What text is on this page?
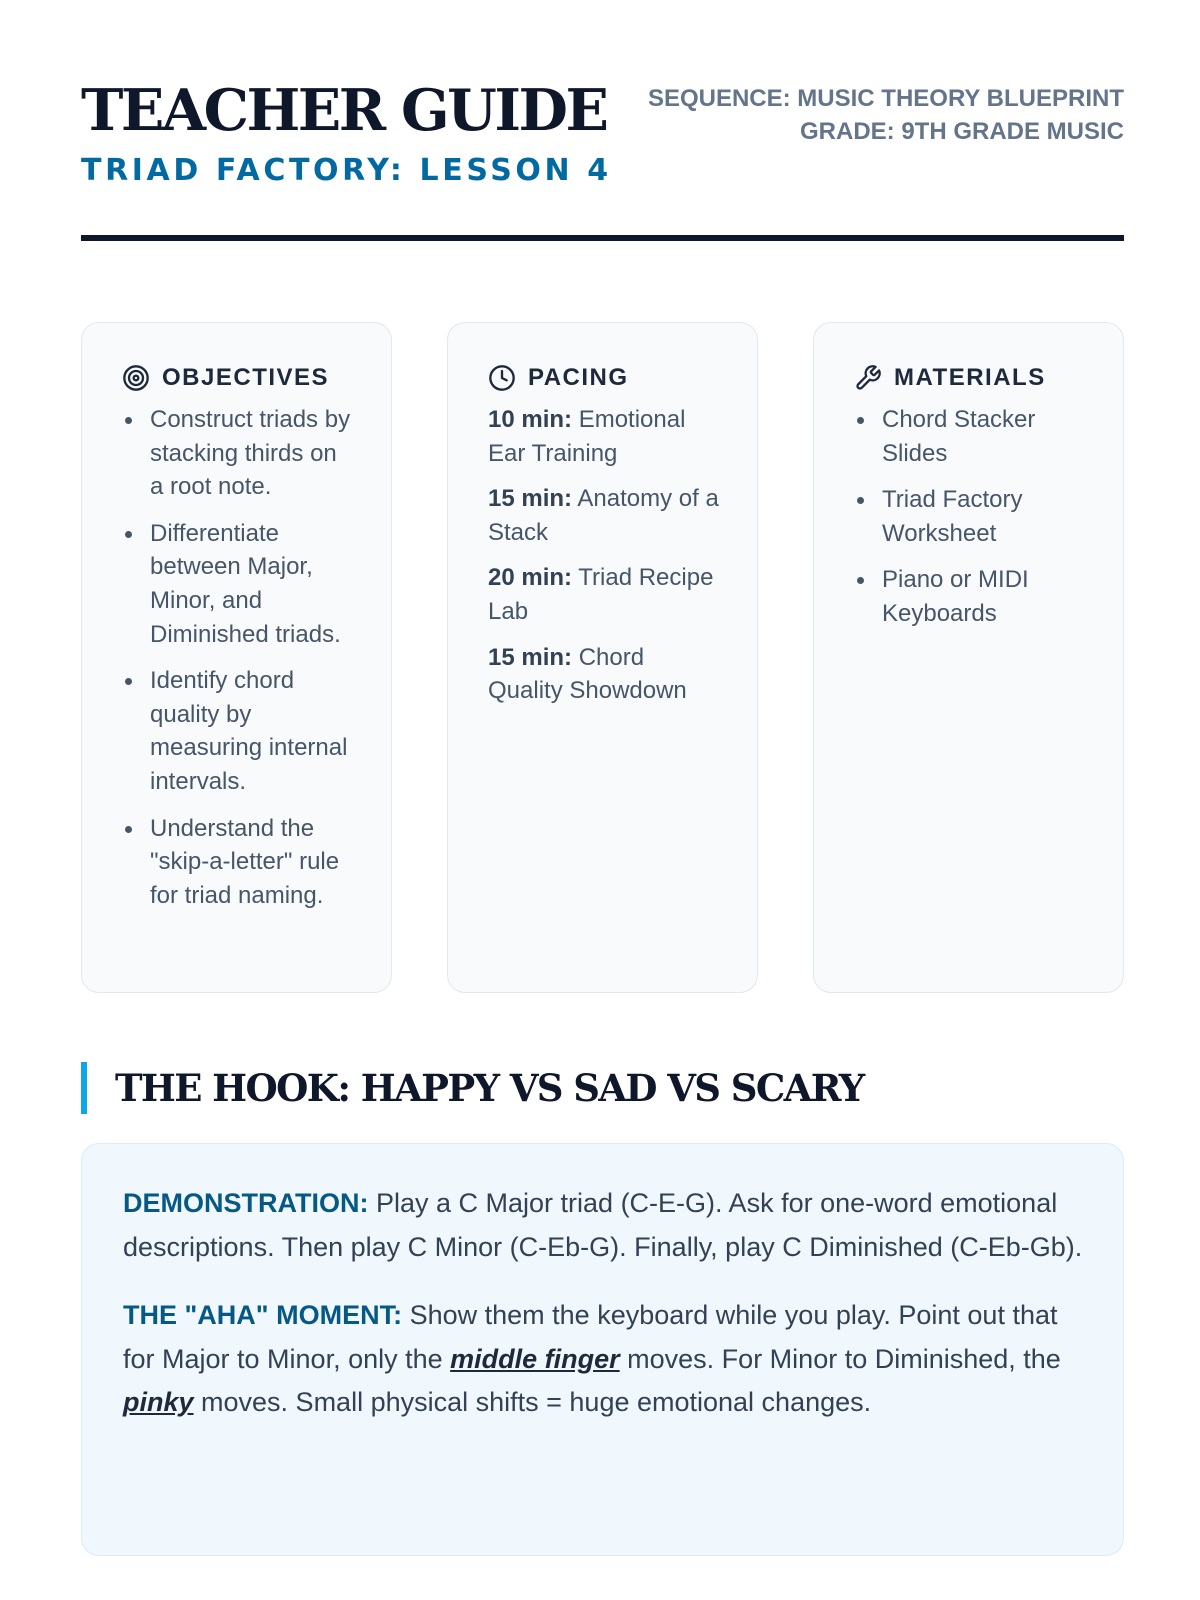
TEACHER GUIDE
TRIAD FACTORY: LESSON 4
SEQUENCE: MUSIC THEORY BLUEPRINT
GRADE: 9TH GRADE MUSIC
OBJECTIVES
Construct triads by stacking thirds on a root note.
Differentiate between Major, Minor, and Diminished triads.
Identify chord quality by measuring internal intervals.
Understand the "skip-a-letter" rule for triad naming.
PACING
10 min: Emotional Ear Training
15 min: Anatomy of a Stack
20 min: Triad Recipe Lab
15 min: Chord Quality Showdown
MATERIALS
Chord Stacker Slides
Triad Factory Worksheet
Piano or MIDI Keyboards
THE HOOK: HAPPY VS SAD VS SCARY

DEMONSTRATION: Play a C Major triad (C-E-G). Ask for one-word emotional descriptions. Then play C Minor (C-Eb-G). Finally, play C Diminished (C-Eb-Gb).

THE "AHA" MOMENT: Show them the keyboard while you play. Point out that for Major to Minor, only the middle finger moves. For Minor to Diminished, the pinky moves. Small physical shifts = huge emotional changes.
